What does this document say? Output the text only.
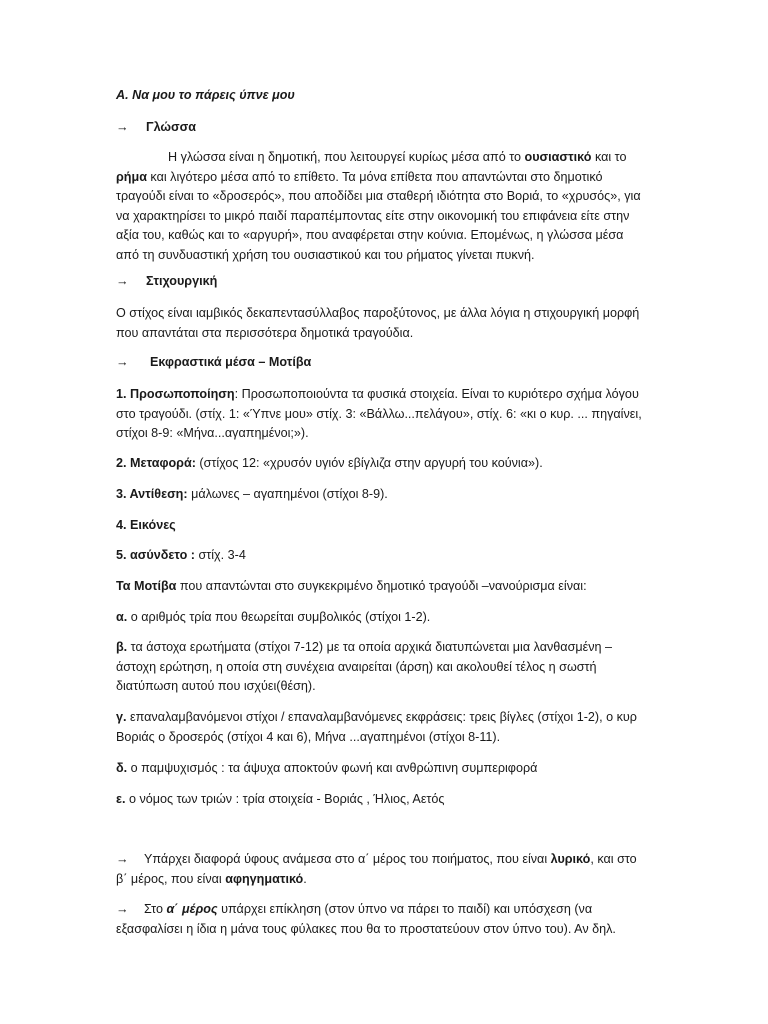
Α. Να μου το πάρεις ύπνε μου

→ Γλώσσα

Η γλώσσα είναι η δημοτική, που λειτουργεί κυρίως μέσα από το ουσιαστικό και το ρήμα και λιγότερο μέσα από το επίθετο. Τα μόνα επίθετα που απαντώνται στο δημοτικό τραγούδι είναι το «δροσερός», που αποδίδει μια σταθερή ιδιότητα στο Βοριά, το «χρυσός», για να χαρακτηρίσει το μικρό παιδί παραπέμποντας είτε στην οικονομική του επιφάνεια είτε στην αξία του, καθώς και το «αργυρή», που αναφέρεται στην κούνια. Επομένως, η γλώσσα μέσα από τη συνδυαστική χρήση του ουσιαστικού και του ρήματος γίνεται πυκνή.

→ Στιχουργική

Ο στίχος είναι ιαμβικός δεκαπεντασύλλαβος παροξύτονος, με άλλα λόγια η στιχουργική μορφή που απαντάται στα περισσότερα δημοτικά τραγούδια.

→ Εκφραστικά μέσα – Μοτίβα

1. Προσωποποίηση: Προσωποποιούντα τα φυσικά στοιχεία. Είναι το κυριότερο σχήμα λόγου στο τραγούδι. (στίχ. 1: «Ύπνε μου» στίχ. 3: «Βάλλω...πελάγου», στίχ. 6: «κι ο κυρ. ... πηγαίνει, στίχοι 8-9: «Μήνα...αγαπημένοι;»).

2. Μεταφορά: (στίχος 12: «χρυσόν υγιόν εβίγλιζα στην αργυρή του κούνια»).

3. Αντίθεση: μάλωνες – αγαπημένοι (στίχοι 8-9).

4. Εικόνες

5. ασύνδετο : στίχ. 3-4

Τα Μοτίβα που απαντώνται στο συγκεκριμένο δημοτικό τραγούδι –νανούρισμα είναι:

α. ο αριθμός τρία που θεωρείται συμβολικός (στίχοι 1-2).

β. τα άστοχα ερωτήματα (στίχοι 7-12) με τα οποία αρχικά διατυπώνεται μια λανθασμένη – άστοχη ερώτηση, η οποία στη συνέχεια αναιρείται (άρση) και ακολουθεί τέλος η σωστή διατύπωση αυτού που ισχύει(θέση).

γ. επαναλαμβανόμενοι στίχοι / επαναλαμβανόμενες εκφράσεις: τρεις βίγλες (στίχοι 1-2), ο κυρ Βοριάς ο δροσερός (στίχοι 4 και 6), Μήνα ...αγαπημένοι (στίχοι 8-11).

δ. ο παμψυχισμός : τα άψυχα αποκτούν φωνή και ανθρώπινη συμπεριφορά

ε. ο νόμος των τριών : τρία στοιχεία - Βοριάς , Ήλιος, Αετός

→ Υπάρχει διαφορά ύφους ανάμεσα στο α΄ μέρος του ποιήματος, που είναι λυρικό, και στο β΄ μέρος, που είναι αφηγηματικό.

→ Στο α΄ μέρος υπάρχει επίκληση (στον ύπνο να πάρει το παιδί) και υπόσχεση (να εξασφαλίσει η ίδια η μάνα τους φύλακες που θα το προστατεύουν στον ύπνο του). Αν δηλ.
